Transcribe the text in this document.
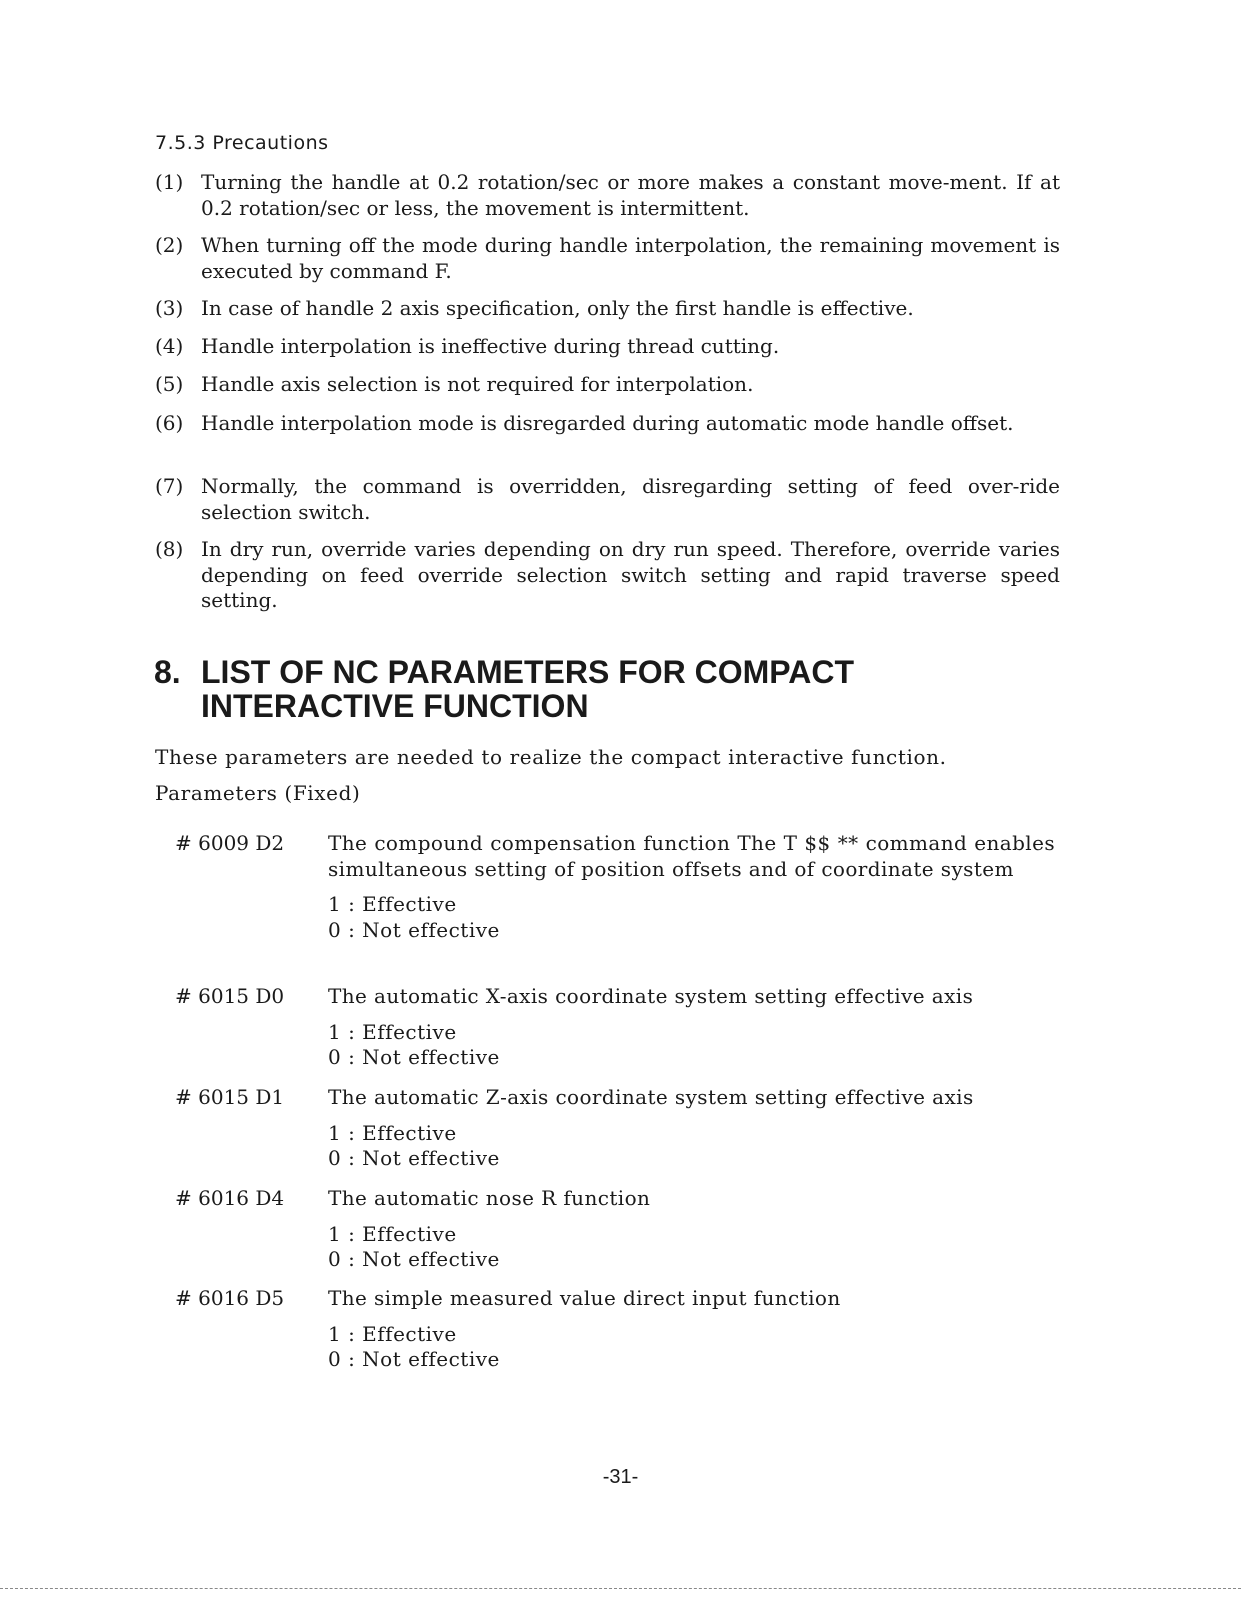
7.5.3 Precautions
(1) Turning the handle at 0.2 rotation/sec or more makes a constant move-ment. If at 0.2 rotation/sec or less, the movement is intermittent.
(2) When turning off the mode during handle interpolation, the remaining movement is executed by command F.
(3) In case of handle 2 axis specification, only the first handle is effective.
(4) Handle interpolation is ineffective during thread cutting.
(5) Handle axis selection is not required for interpolation.
(6) Handle interpolation mode is disregarded during automatic mode handle offset.
(7) Normally, the command is overridden, disregarding setting of feed over-ride selection switch.
(8) In dry run, override varies depending on dry run speed. Therefore, override varies depending on feed override selection switch setting and rapid traverse speed setting.
8. LIST OF NC PARAMETERS FOR COMPACT INTERACTIVE FUNCTION
These parameters are needed to realize the compact interactive function.
Parameters (Fixed)
# 6009 D2	The compound compensation function The T $$ ** command enables simultaneous setting of position offsets and of coordinate system
1 : Effective
0 : Not effective
# 6015 D0	The automatic X-axis coordinate system setting effective axis
1 : Effective
0 : Not effective
# 6015 D1	The automatic Z-axis coordinate system setting effective axis
1 : Effective
0 : Not effective
# 6016 D4	The automatic nose R function
1 : Effective
0 : Not effective
# 6016 D5	The simple measured value direct input function
1 : Effective
0 : Not effective
-31-
